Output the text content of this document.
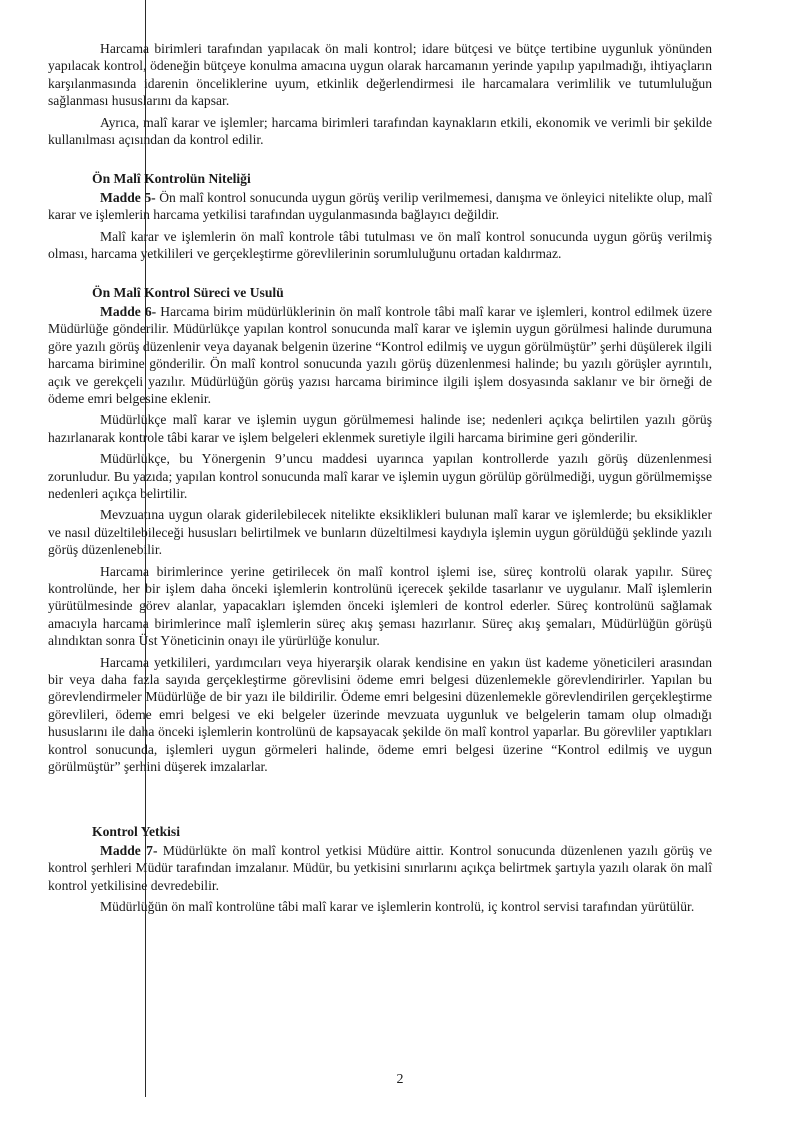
Harcama birimleri tarafından yapılacak ön mali kontrol; idare bütçesi ve bütçe tertibine uygunluk yönünden yapılacak kontrol, ödeneğin bütçeye konulma amacına uygun olarak harcamanın yerinde yapılıp yapılmadığı, ihtiyaçların karşılanmasında idarenin önceliklerine uyum, etkinlik değerlendirmesi ile harcamalara verimlilik ve tutumluluğun sağlanması hususlarını da kapsar.

Ayrıca, malî karar ve işlemler; harcama birimleri tarafından kaynakların etkili, ekonomik ve verimli bir şekilde kullanılması açısından da kontrol edilir.

Ön Malî Kontrolün Niteliği

Madde 5- Ön malî kontrol sonucunda uygun görüş verilip verilmemesi, danışma ve önleyici nitelikte olup, malî karar ve işlemlerin harcama yetkilisi tarafından uygulanmasında bağlayıcı değildir.

Malî karar ve işlemlerin ön malî kontrole tâbi tutulması ve ön malî kontrol sonucunda uygun görüş verilmiş olması, harcama yetkilileri ve gerçekleştirme görevlilerinin sorumluluğunu ortadan kaldırmaz.

Ön Malî Kontrol Süreci ve Usulü

Madde 6- Harcama birim müdürlüklerinin ön malî kontrole tâbi malî karar ve işlemleri, kontrol edilmek üzere Müdürlüğe gönderilir. Müdürlükçe yapılan kontrol sonucunda malî karar ve işlemin uygun görülmesi halinde durumuna göre yazılı görüş düzenlenir veya dayanak belgenin üzerine “Kontrol edilmiş ve uygun görülmüştür” şerhi düşülerek ilgili harcama birimine gönderilir. Ön malî kontrol sonucunda yazılı görüş düzenlenmesi halinde; bu yazılı görüşler ayrıntılı, açık ve gerekçeli yazılır. Müdürlüğün görüş yazısı harcama birimince ilgili işlem dosyasında saklanır ve bir örneği de ödeme emri belgesine eklenir.

Müdürlükçe malî karar ve işlemin uygun görülmemesi halinde ise; nedenleri açıkça belirtilen yazılı görüş hazırlanarak kontrole tâbi karar ve işlem belgeleri eklenmek suretiyle ilgili harcama birimine geri gönderilir.

Müdürlükçe, bu Yönergenin 9’uncu maddesi uyarınca yapılan kontrollerde yazılı görüş düzenlenmesi zorunludur. Bu yazıda; yapılan kontrol sonucunda malî karar ve işlemin uygun görülüp görülmediği, uygun görülmemişse nedenleri açıkça belirtilir.

Mevzuatına uygun olarak giderilebilecek nitelikte eksiklikleri bulunan malî karar ve işlemlerde; bu eksiklikler ve nasıl düzeltilebileceği hususları belirtilmek ve bunların düzeltilmesi kaydıyla işlemin uygun görüldüğü şeklinde yazılı görüş düzenlenebilir.

Harcama birimlerince yerine getirilecek ön malî kontrol işlemi ise, süreç kontrolü olarak yapılır. Süreç kontrolünde, her bir işlem daha önceki işlemlerin kontrolünü içerecek şekilde tasarlanır ve uygulanır. Malî işlemlerin yürütülmesinde görev alanlar, yapacakları işlemden önceki işlemleri de kontrol ederler. Süreç kontrolünü sağlamak amacıyla harcama birimlerince malî işlemlerin süreç akış şeması hazırlanır. Süreç akış şemaları, Müdürlüğün görüşü alındıktan sonra Üst Yöneticinin onayı ile yürürlüğe konulur.

Harcama yetkilileri, yardımcıları veya hiyerarşik olarak kendisine en yakın üst kademe yöneticileri arasından bir veya daha fazla sayıda gerçekleştirme görevlisini ödeme emri belgesi düzenlemekle görevlendirirler. Yapılan bu görevlendirmeler Müdürlüğe de bir yazı ile bildirilir. Ödeme emri belgesini düzenlemekle görevlendirilen gerçekleştirme görevlileri, ödeme emri belgesi ve eki belgeler üzerinde mevzuata uygunluk ve belgelerin tamam olup olmadığı hususlarını ile daha önceki işlemlerin kontrolünü de kapsayacak şekilde ön malî kontrol yaparlar. Bu görevliler yaptıkları kontrol sonucunda, işlemleri uygun görmeleri halinde, ödeme emri belgesi üzerine “Kontrol edilmiş ve uygun görülmüştür” şerhini düşerek imzalarlar.

Kontrol Yetkisi

Madde 7- Müdürlükte ön malî kontrol yetkisi Müdüre aittir. Kontrol sonucunda düzenlenen yazılı görüş ve kontrol şerhleri Müdür tarafından imzalanır. Müdür, bu yetkisini sınırlarını açıkça belirtmek şartıyla yazılı olarak ön malî kontrol yetkilisine devredebilir.

Müdürlüğün ön malî kontrolüne tâbi malî karar ve işlemlerin kontrolü, iç kontrol servisi tarafından yürütülür.

2
